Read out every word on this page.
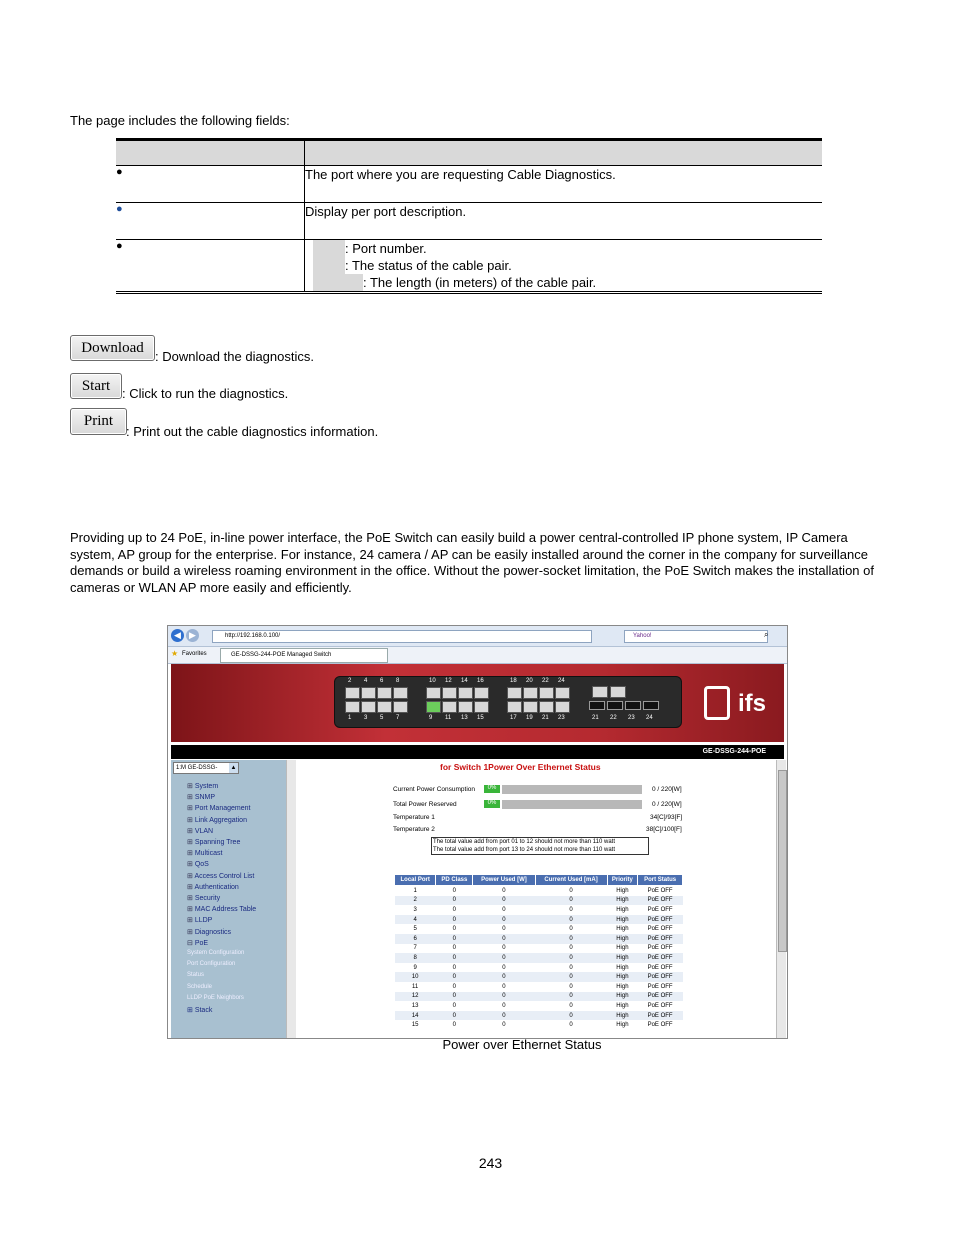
The page includes the following fields:

●	The port where you are requesting Cable Diagnostics.
●	Display per port description.
●	: Port number.
: The status of the cable pair.
: The length (in meters) of the cable pair.
Download
: Download the diagnostics.
Start : Click to run the diagnostics.
Print
: Print out the cable diagnostics information.
Providing up to 24 PoE, in-line power interface, the PoE Switch can easily build a power central-controlled IP phone system, IP Camera system, AP group for the enterprise. For instance, 24 camera / AP can be easily installed around the corner in the company for surveillance demands or build a wireless roaming environment in the office. Without the power-socket limitation, the PoE Switch makes the installation of cameras or WLAN AP more easily and efficiently.
◀ ▶	http://192.168.0.100/	Yahoo!	⌕
★ Favorites	GE-DSSG-244-POE Managed Switch
2 4 6 8	10 12 14 16	18 20 22 24
1 3 5 7	9 11 13 15	17 19 21 23	21 22 23 24
ifs
GE-DSSG-244-POE
1:M GE-DSSG- ▲
⊞ System
⊞ SNMP
⊞ Port Management
⊞ Link Aggregation
⊞ VLAN
⊞ Spanning Tree
⊞ Multicast
⊞ QoS
⊞ Access Control List
⊞ Authentication
⊞ Security
⊞ MAC Address Table
⊞ LLDP
⊞ Diagnostics
⊟ PoE
System Configuration
Port Configuration
Status
Schedule
LLDP PoE Neighbors
⊞ Stack
for Switch 1Power Over Ethernet Status
Current Power Consumption	0%	0 / 220[W]
Total Power Reserved	0%	0 / 220[W]
Temperature 1	34[C]/93[F]
Temperature 2	38[C]/100[F]
The total value add from port 01 to 12 should not more than 110 watt
The total value add from port 13 to 24 should not more than 110 watt
Local Port	PD Class	Power Used [W]	Current Used [mA]	Priority	Port Status
1	0	0	0	High	PoE OFF
2	0	0	0	High	PoE OFF
3	0	0	0	High	PoE OFF
4	0	0	0	High	PoE OFF
5	0	0	0	High	PoE OFF
6	0	0	0	High	PoE OFF
7	0	0	0	High	PoE OFF
8	0	0	0	High	PoE OFF
9	0	0	0	High	PoE OFF
10	0	0	0	High	PoE OFF
11	0	0	0	High	PoE OFF
12	0	0	0	High	PoE OFF
13	0	0	0	High	PoE OFF
14	0	0	0	High	PoE OFF
15	0	0	0	High	PoE OFF
Power over Ethernet Status
243
